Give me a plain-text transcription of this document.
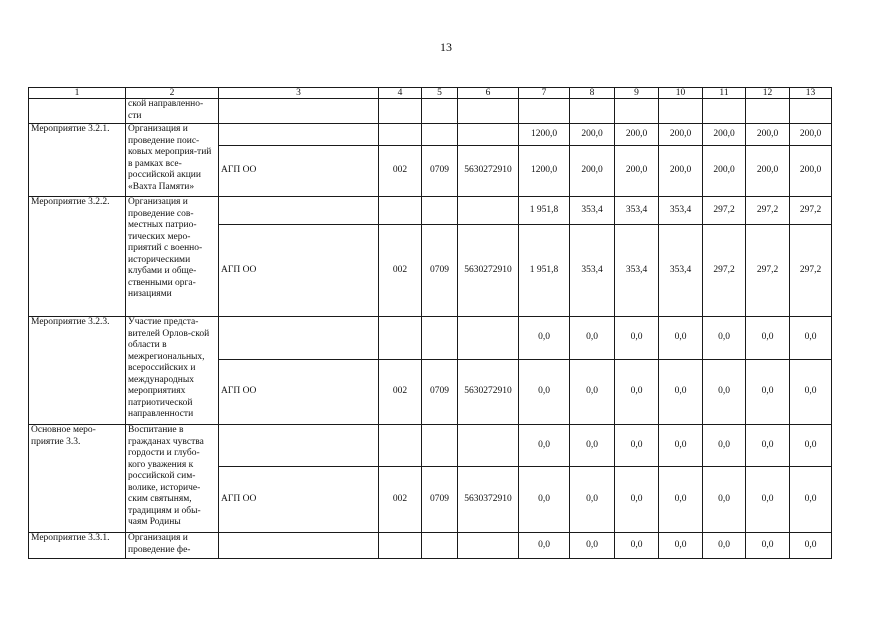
13
1	2	3	4	5	6	7	8	9	10	11	12	13
	ской направленно-сти											
Мероприятие 3.2.1.	Организация и проведение поис-ковых мероприя-тий в рамках все-российской акции «Вахта Памяти»					1200,0	200,0	200,0	200,0	200,0	200,0	200,0
		АГП ОО	002	0709	5630272910	1200,0	200,0	200,0	200,0	200,0	200,0	200,0
Мероприятие 3.2.2.	Организация и проведение сов-местных патрио-тических меро-приятий с военно-историческими клубами и обще-ственными орга-низациями					1 951,8	353,4	353,4	353,4	297,2	297,2	297,2
		АГП ОО	002	0709	5630272910	1 951,8	353,4	353,4	353,4	297,2	297,2	297,2
Мероприятие 3.2.3.	Участие предста-вителей Орлов-ской области в межрегиональных, всероссийских и международных мероприятиях патриотической направленности					0,0	0,0	0,0	0,0	0,0	0,0	0,0
		АГП ОО	002	0709	5630272910	0,0	0,0	0,0	0,0	0,0	0,0	0,0
Основное меро-приятие 3.3.	Воспитание в гражданах чувства гордости и глубо-кого уважения к российской сим-волике, историче-ским святыням, традициям и обы-чаям Родины					0,0	0,0	0,0	0,0	0,0	0,0	0,0
		АГП ОО	002	0709	5630372910	0,0	0,0	0,0	0,0	0,0	0,0	0,0
Мероприятие 3.3.1.	Организация и проведение фе-					0,0	0,0	0,0	0,0	0,0	0,0	0,0
